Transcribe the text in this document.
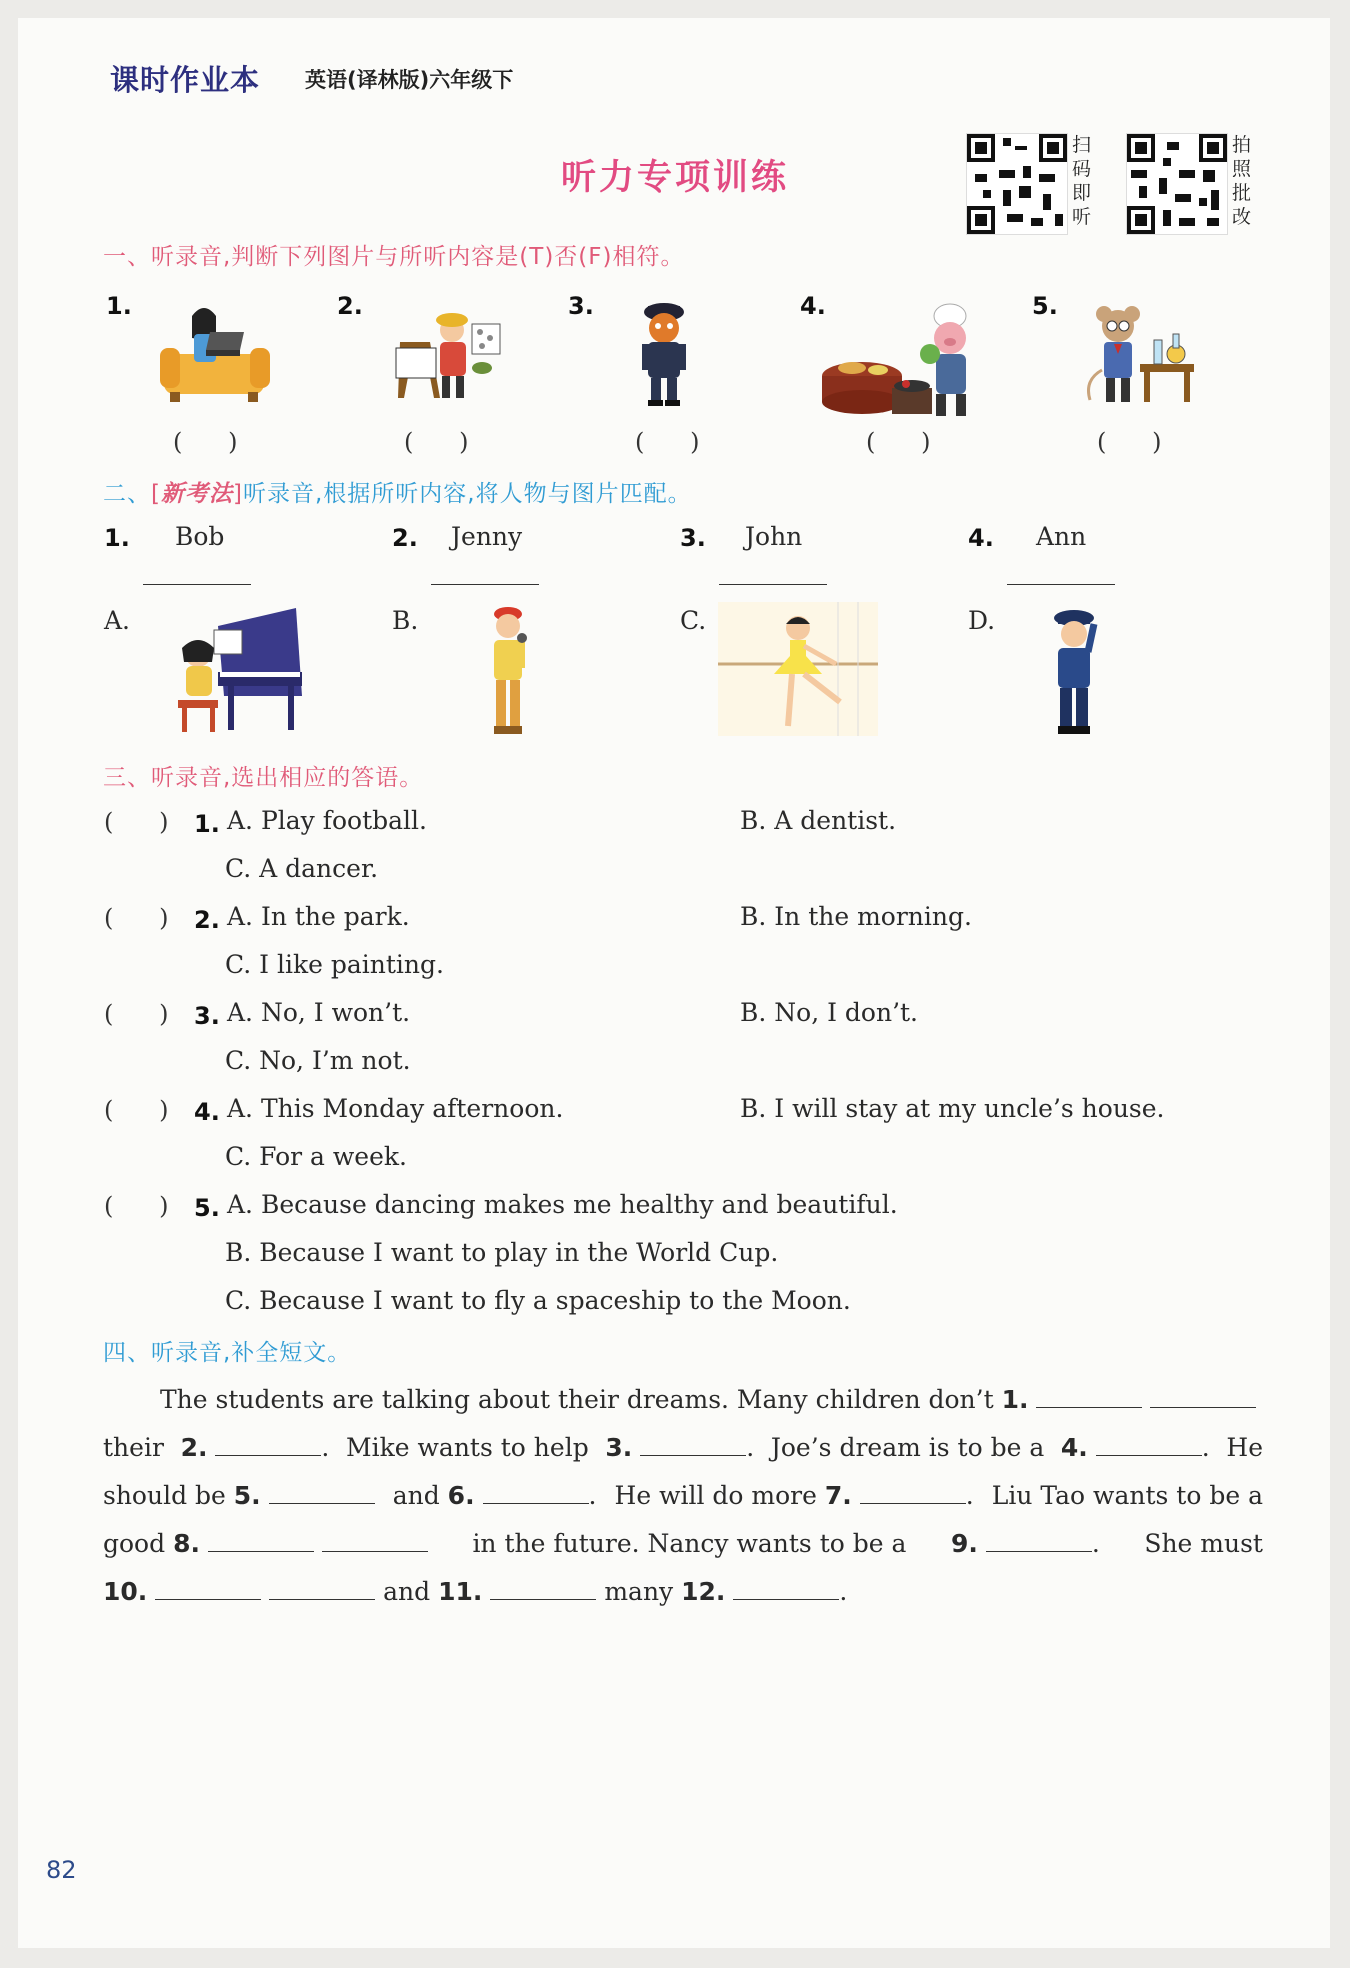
课时作业本 英语(译林版)六年级下
听力专项训练
扫码即听
拍照批改
一、听录音,判断下列图片与所听内容是(T)否(F)相符。
1.	2.	3.	4.	5.
(      )	(      )	(      )	(      )	(      )
二、[新考法]听录音,根据所听内容,将人物与图片匹配。
1. Bob	2. Jenny	3. John	4. Ann
A.	B.	C.	D.
三、听录音,选出相应的答语。
(      ) 1. A. Play football.	B. A dentist.
C. A dancer.
(      ) 2. A. In the park.	B. In the morning.
C. I like painting.
(      ) 3. A. No, I won’t.	B. No, I don’t.
C. No, I’m not.
(      ) 4. A. This Monday afternoon.	B. I will stay at my uncle’s house.
C. For a week.
(      ) 5. A. Because dancing makes me healthy and beautiful.
B. Because I want to play in the World Cup.
C. Because I want to fly a spaceship to the Moon.
四、听录音,补全短文。
The students are talking about their dreams. Many children don’t 1.
their 2.	. Mike wants to help 3.	. Joe’s dream is to be a 4.	. He
should be 5.	and 6.	. He will do more 7.	. Liu Tao wants to be a
good 8.	in the future. Nancy wants to be a 9.	. She must
10.	and 11.	many 12.	.
82
